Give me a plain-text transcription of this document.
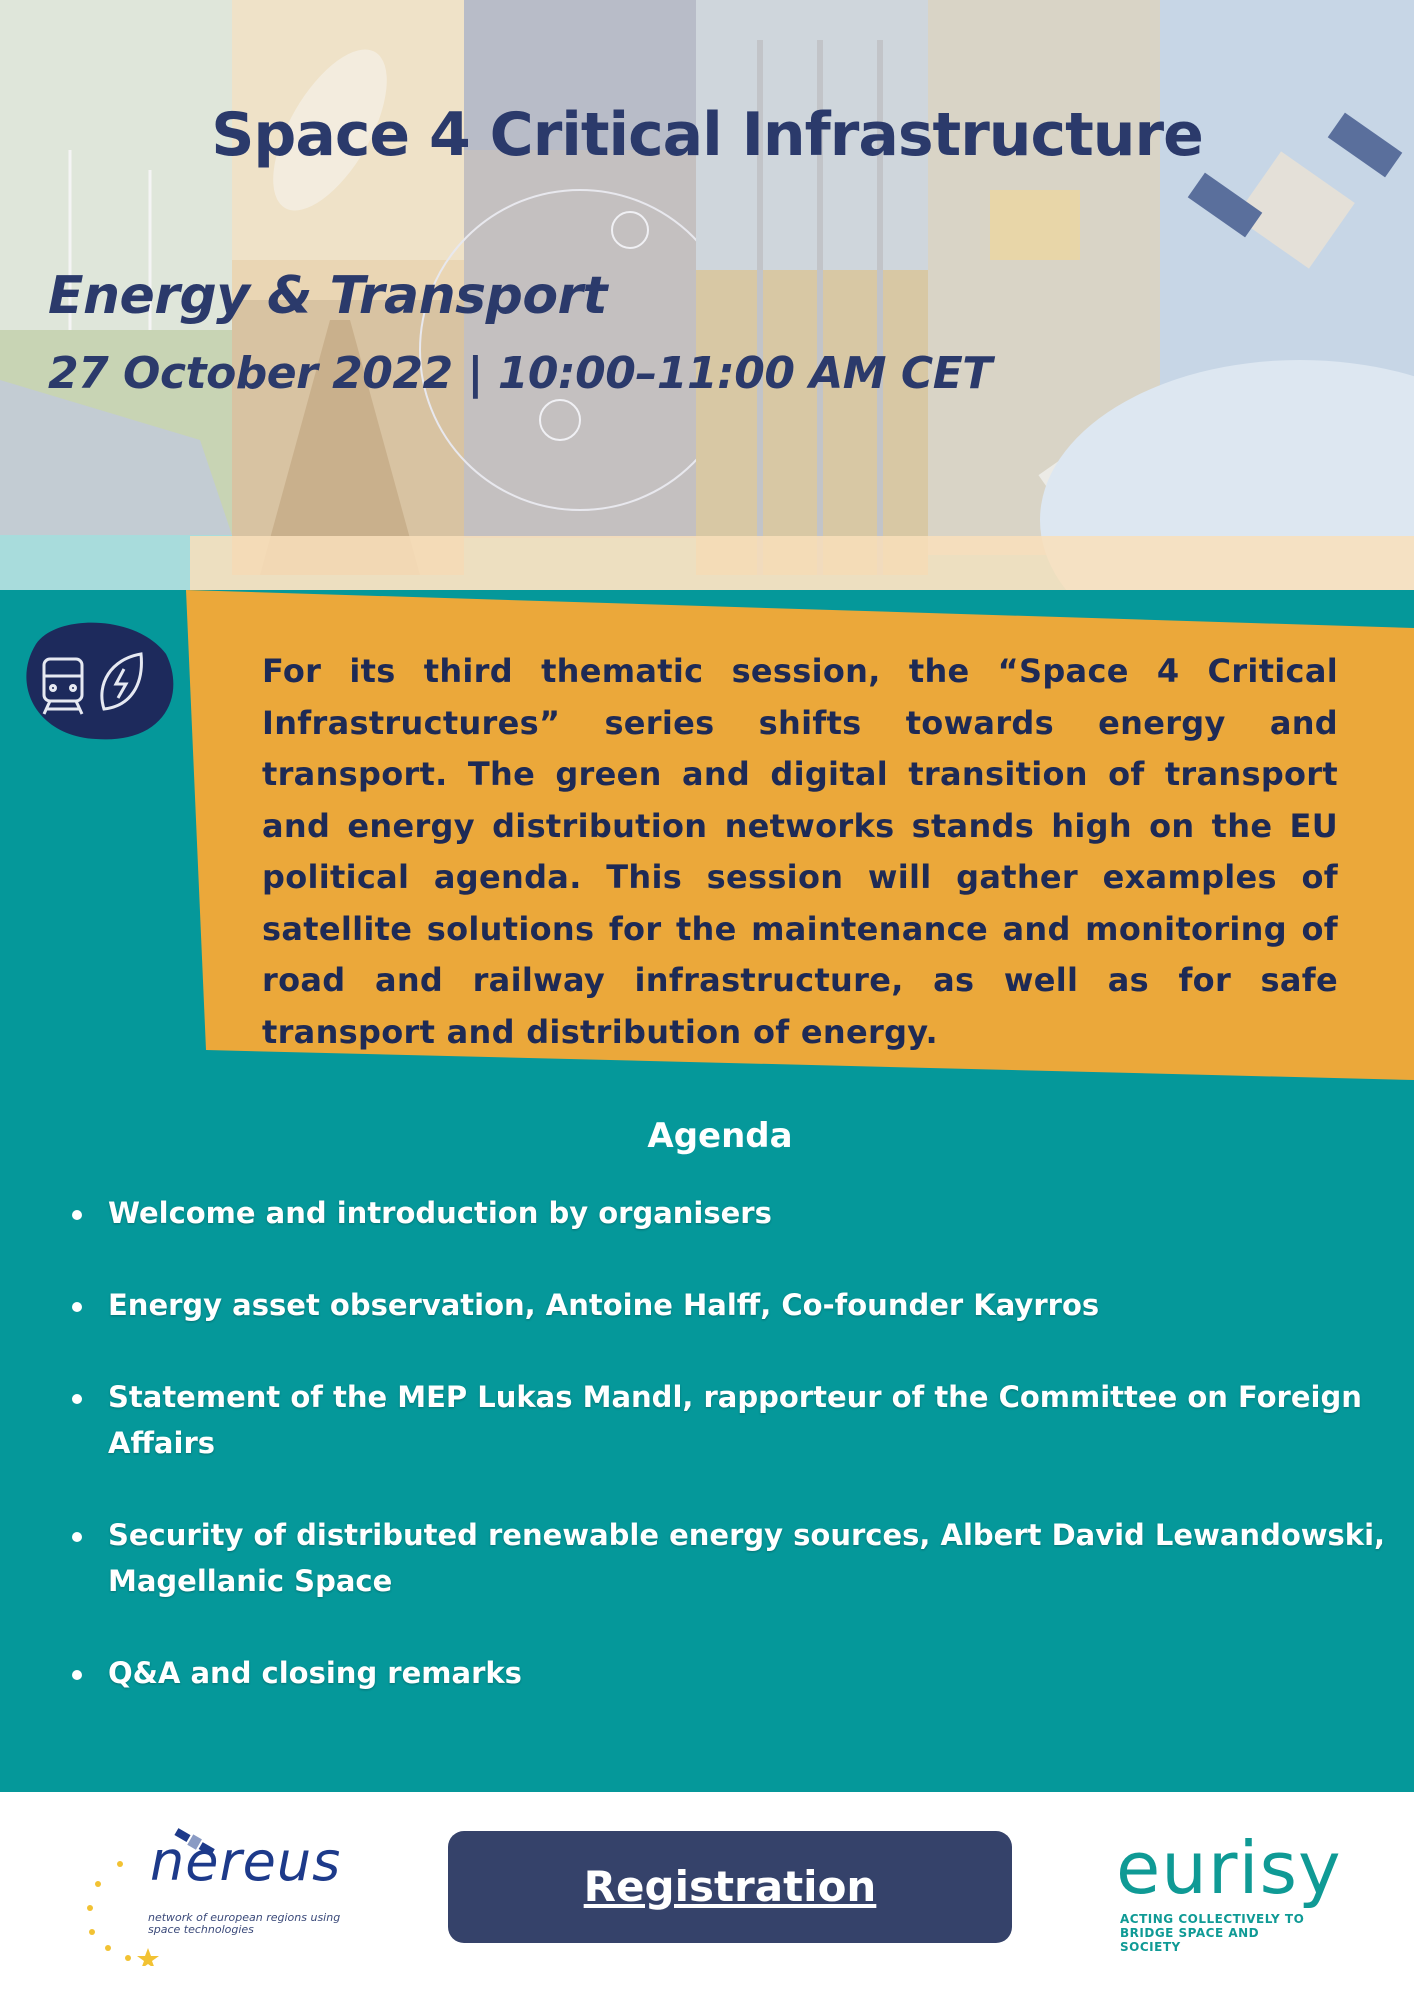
Space 4 Critical Infrastructure
Energy & Transport

27 October 2022 | 10:00–11:00 AM CET

For its third thematic session, the “Space 4 Critical Infrastructures” series shifts towards energy and transport. The green and digital transition of transport and energy distribution networks stands high on the EU political agenda. This session will gather examples of satellite solutions for the maintenance and monitoring of road and railway infrastructure, as well as for safe transport and distribution of energy.

Agenda
Welcome and introduction by organisers
Energy asset observation, Antoine Halff, Co-founder Kayrros
Statement of the MEP Lukas Mandl, rapporteur of the Committee on Foreign Affairs
Security of distributed renewable energy sources, Albert David Lewandowski, Magellanic Space
Q&A and closing remarks
nereus
network of european regions using space technologies
Registration	eurisy
ACTING COLLECTIVELY TO BRIDGE SPACE AND SOCIETY
